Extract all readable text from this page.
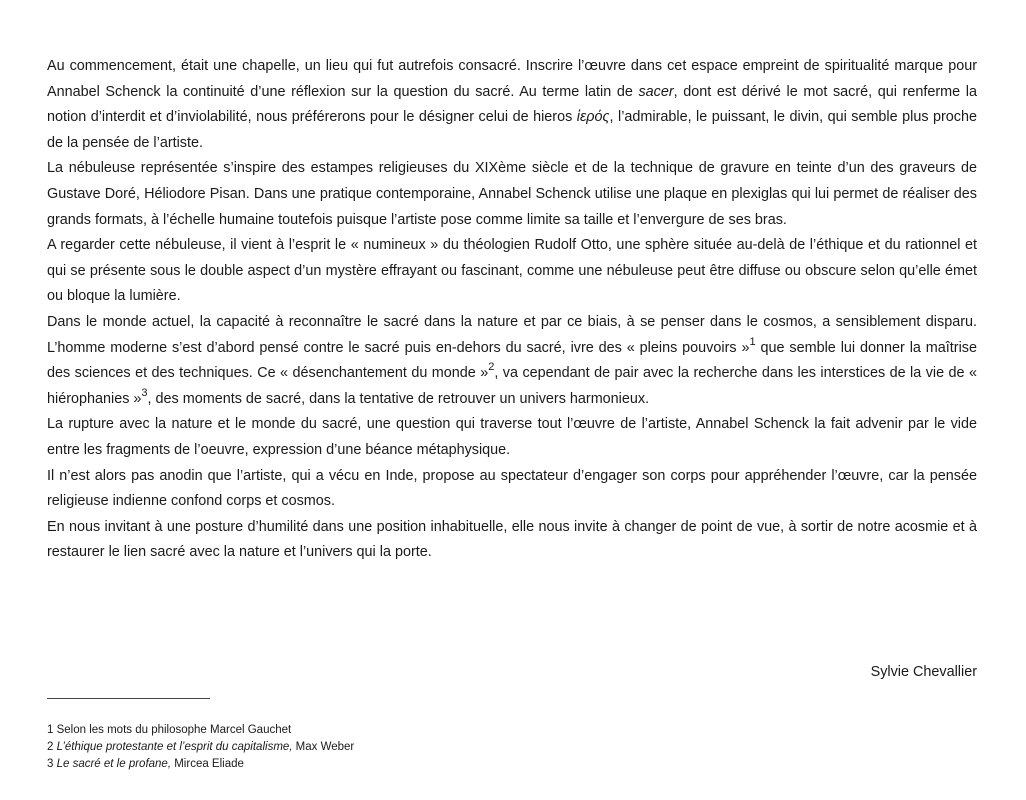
Au commencement, était une chapelle, un lieu qui fut autrefois consacré. Inscrire l’œuvre dans cet espace empreint de spiritualité marque pour Annabel Schenck la continuité d’une réflexion sur la question du sacré. Au terme latin de sacer, dont est dérivé le mot sacré, qui renferme la notion d’interdit et d’inviolabilité, nous préférerons pour le désigner celui de hieros ἱερός, l’admirable, le puissant, le divin, qui semble plus proche de la pensée de l’artiste.

La nébuleuse représentée s’inspire des estampes religieuses du XIXème siècle et de la technique de gravure en teinte d’un des graveurs de Gustave Doré, Héliodore Pisan. Dans une pratique contemporaine, Annabel Schenck utilise une plaque en plexiglas qui lui permet de réaliser des grands formats, à l’échelle humaine toutefois puisque l’artiste pose comme limite sa taille et l’envergure de ses bras.

A regarder cette nébuleuse, il vient à l’esprit le « numineux » du théologien Rudolf Otto, une sphère située au-delà de l’éthique et du rationnel et qui se présente sous le double aspect d’un mystère effrayant ou fascinant, comme une nébuleuse peut être diffuse ou obscure selon qu’elle émet ou bloque la lumière.

Dans le monde actuel, la capacité à reconnaître le sacré dans la nature et par ce biais, à se penser dans le cosmos, a sensiblement disparu. L’homme moderne s’est d’abord pensé contre le sacré puis en-dehors du sacré, ivre des « pleins pouvoirs »$^1$ que semble lui donner la maîtrise des sciences et des techniques. Ce « désenchantement du monde »$^2$, va cependant de pair avec la recherche dans les interstices de la vie de « hiérophanies »$^3$, des moments de sacré, dans la tentative de retrouver un univers harmonieux.

La rupture avec la nature et le monde du sacré, une question qui traverse tout l’œuvre de l’artiste, Annabel Schenck la fait advenir par le vide entre les fragments de l’oeuvre, expression d’une béance métaphysique.

Il n’est alors pas anodin que l’artiste, qui a vécu en Inde, propose au spectateur d’engager son corps pour appréhender l’œuvre, car la pensée religieuse indienne confond corps et cosmos.

En nous invitant à une posture d’humilité dans une position inhabituelle, elle nous invite à changer de point de vue, à sortir de notre acosmie et à restaurer le lien sacré avec la nature et l’univers qui la porte.

Sylvie Chevallier
1 Selon les mots du philosophe Marcel Gauchet
2 L’éthique protestante et l’esprit du capitalisme, Max Weber
3 Le sacré et le profane, Mircea Eliade
